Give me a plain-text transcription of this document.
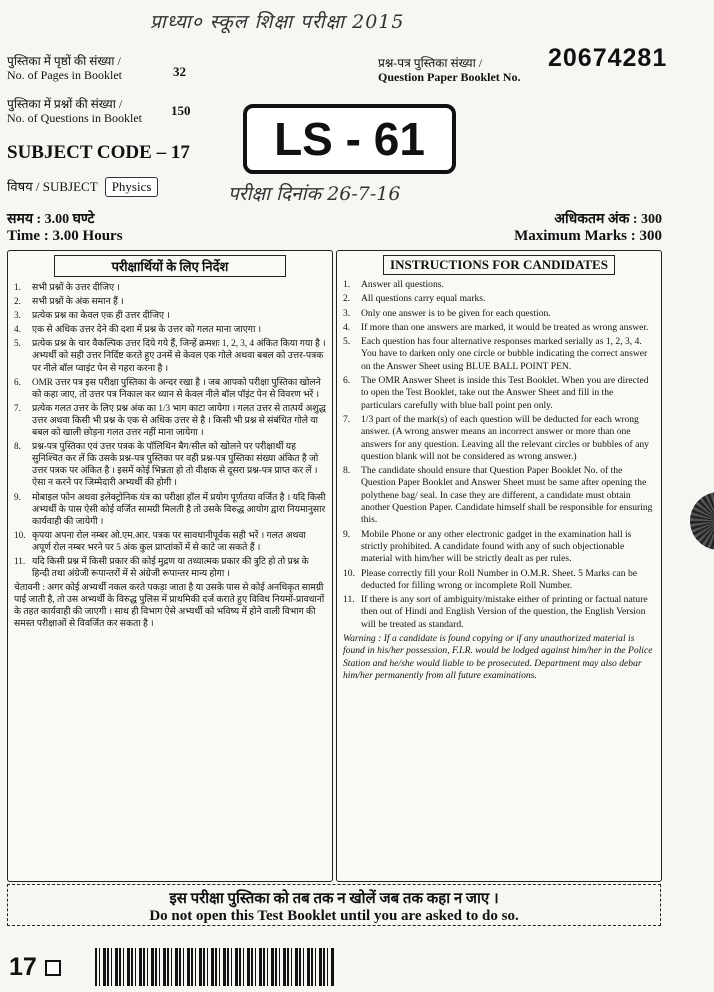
प्राध्या० स्कूल शिक्षा परीक्षा 2015
पुस्तिका में पृष्ठों की संख्या /
No. of Pages in Booklet	32
पुस्तिका में प्रश्नों की संख्या /
No. of Questions in Booklet 150
प्रश्न-पत्र पुस्तिका संख्या /
Question Paper Booklet No.
20674281
LS - 61
SUBJECT CODE – 17
विषय / SUBJECT Physics	परीक्षा दिनांक 26-7-16
समय : 3.00 घण्टे
Time : 3.00 Hours
अधिकतम अंक : 300
Maximum Marks : 300
परीक्षार्थियों के लिए निर्देश
1.	सभी प्रश्नों के उत्तर दीजिए ।
2.	सभी प्रश्नों के अंक समान हैं ।
3.	प्रत्येक प्रश्न का केवल एक ही उत्तर दीजिए ।
4.	एक से अधिक उत्तर देने की दशा में प्रश्न के उत्तर को गलत माना जाएगा ।
5.	प्रत्येक प्रश्न के चार वैकल्पिक उत्तर दिये गये हैं, जिन्हें क्रमशः 1, 2, 3, 4 अंकित किया गया है । अभ्यर्थी को सही उत्तर निर्दिष्ट करते हुए उनमें से केवल एक गोले अथवा बबल को उत्तर-पत्रक पर नीले बॉल प्वाइंट पेन से गहरा करना है ।
6.	OMR उत्तर पत्र इस परीक्षा पुस्तिका के अन्दर रखा है । जब आपको परीक्षा पुस्तिका खोलने को कहा जाए, तो उत्तर पत्र निकाल कर ध्यान से केवल नीले बॉल पॉइंट पेन से विवरण भरें ।
7.	प्रत्येक गलत उत्तर के लिए प्रश्न अंक का 1/3 भाग काटा जायेगा । गलत उत्तर से तात्पर्य अशुद्ध उत्तर अथवा किसी भी प्रश्न के एक से अधिक उत्तर से है । किसी भी प्रश्न से संबंधित गोले या बबल को खाली छोड़ना गलत उत्तर नहीं माना जायेगा ।
8.	प्रश्न-पत्र पुस्तिका एवं उत्तर पत्रक के पॉलिथिन बैग/सील को खोलने पर परीक्षार्थी यह सुनिश्चित कर लें कि उसके प्रश्न-पत्र पुस्तिका पर वही प्रश्न-पत्र पुस्तिका संख्या अंकित है जो उत्तर पत्रक पर अंकित है । इसमें कोई भिन्नता हो तो वीक्षक से दूसरा प्रश्न-पत्र प्राप्त कर लें । ऐसा न करने पर जिम्मेदारी अभ्यर्थी की होगी ।
9.	मोबाइल फोन अथवा इलेक्ट्रोनिक यंत्र का परीक्षा हॉल में प्रयोग पूर्णतया वर्जित है । यदि किसी अभ्यर्थी के पास ऐसी कोई वर्जित सामग्री मिलती है तो उसके विरुद्ध आयोग द्वारा नियमानुसार कार्यवाही की जायेगी ।
10. कृपया अपना रोल नम्बर ओ.एम.आर. पत्रक पर सावधानीपूर्वक सही भरें । गलत अथवा अपूर्ण रोल नम्बर भरने पर 5 अंक कुल प्राप्तांकों में से काटे जा सकते हैं ।
11. यदि किसी प्रश्न में किसी प्रकार की कोई मुद्रण या तथ्यात्मक प्रकार की त्रुटि हो तो प्रश्न के हिन्दी तथा अंग्रेजी रूपान्तरों में से अंग्रेजी रूपान्तर मान्य होगा ।
चेतावनी : अगर कोई अभ्यर्थी नकल करते पकड़ा जाता है या उसके पास से कोई अनधिकृत सामग्री पाई जाती है, तो उस अभ्यर्थी के विरुद्ध पुलिस में प्राथमिकी दर्ज कराते हुए विविध नियमों-प्रावधानों के तहत कार्यवाही की जाएगी । साथ ही विभाग ऐसे अभ्यर्थी को भविष्य में होने वाली विभाग की समस्त परीक्षाओं से विवर्जित कर सकता है ।
INSTRUCTIONS FOR CANDIDATES
1.	Answer all questions.
2.	All questions carry equal marks.
3.	Only one answer is to be given for each question.
4.	If more than one answers are marked, it would be treated as wrong answer.
5.	Each question has four alternative responses marked serially as 1, 2, 3, 4. You have to darken only one circle or bubble indicating the correct answer on the Answer Sheet using BLUE BALL POINT PEN.
6.	The OMR Answer Sheet is inside this Test Booklet. When you are directed to open the Test Booklet, take out the Answer Sheet and fill in the particulars carefully with blue ball point pen only.
7.	1/3 part of the mark(s) of each question will be deducted for each wrong answer. (A wrong answer means an incorrect answer or more than one answers for any question. Leaving all the relevant circles or bubbles of any question blank will not be considered as wrong answer.)
8.	The candidate should ensure that Question Paper Booklet No. of the Question Paper Booklet and Answer Sheet must be same after opening the polythene bag/ seal. In case they are different, a candidate must obtain another Question Paper. Candidate himself shall be responsible for ensuring this.
9.	Mobile Phone or any other electronic gadget in the examination hall is strictly prohibited. A candidate found with any of such objectionable material with him/her will be strictly dealt as per rules.
10. Please correctly fill your Roll Number in O.M.R. Sheet. 5 Marks can be deducted for filling wrong or incomplete Roll Number.
11. If there is any sort of ambiguity/mistake either of printing or factual nature then out of Hindi and English Version of the question, the English Version will be treated as standard.
Warning : If a candidate is found copying or if any unauthorized material is found in his/her possession, F.I.R. would be lodged against him/her in the Police Station and he/she would liable to be prosecuted. Department may also debar him/her permanently from all future examinations.
इस परीक्षा पुस्तिका को तब तक न खोलें जब तक कहा न जाए ।
Do not open this Test Booklet until you are asked to do so.
17
